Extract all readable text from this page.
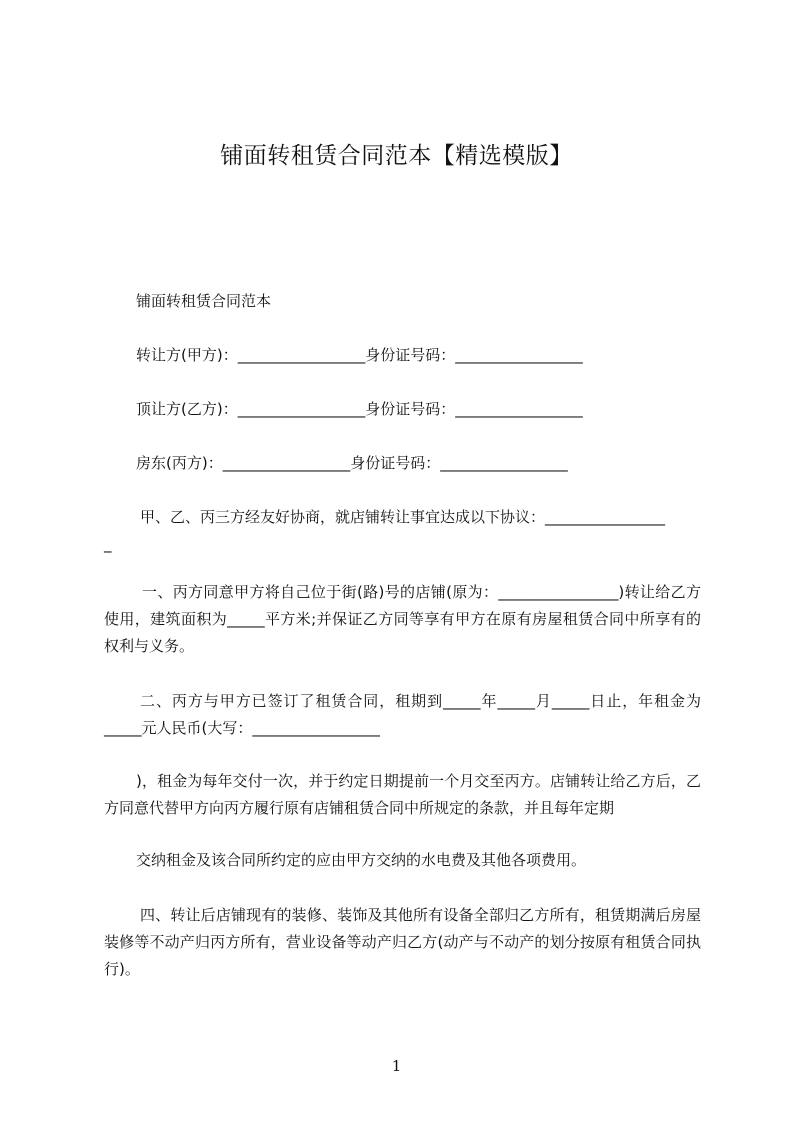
铺面转租赁合同范本【精选模版】

铺面转租赁合同范本

转让方(甲方)：_________________身份证号码：_________________

顶让方(乙方)：_________________身份证号码：_________________

房东(丙方)：_________________身份证号码：_________________

甲、乙、丙三方经友好协商，就店铺转让事宜达成以下协议：________________

_

一、丙方同意甲方将自己位于街(路)号的店铺(原为：________________)转让给乙方使用，建筑面积为_____平方米;并保证乙方同等享有甲方在原有房屋租赁合同中所享有的权利与义务。

二、丙方与甲方已签订了租赁合同，租期到_____年_____月_____日止，年租金为_____元人民币(大写：_________________

)，租金为每年交付一次，并于约定日期提前一个月交至丙方。店铺转让给乙方后，乙方同意代替甲方向丙方履行原有店铺租赁合同中所规定的条款，并且每年定期

交纳租金及该合同所约定的应由甲方交纳的水电费及其他各项费用。

四、转让后店铺现有的装修、装饰及其他所有设备全部归乙方所有，租赁期满后房屋装修等不动产归丙方所有，营业设备等动产归乙方(动产与不动产的划分按原有租赁合同执行)。

1
